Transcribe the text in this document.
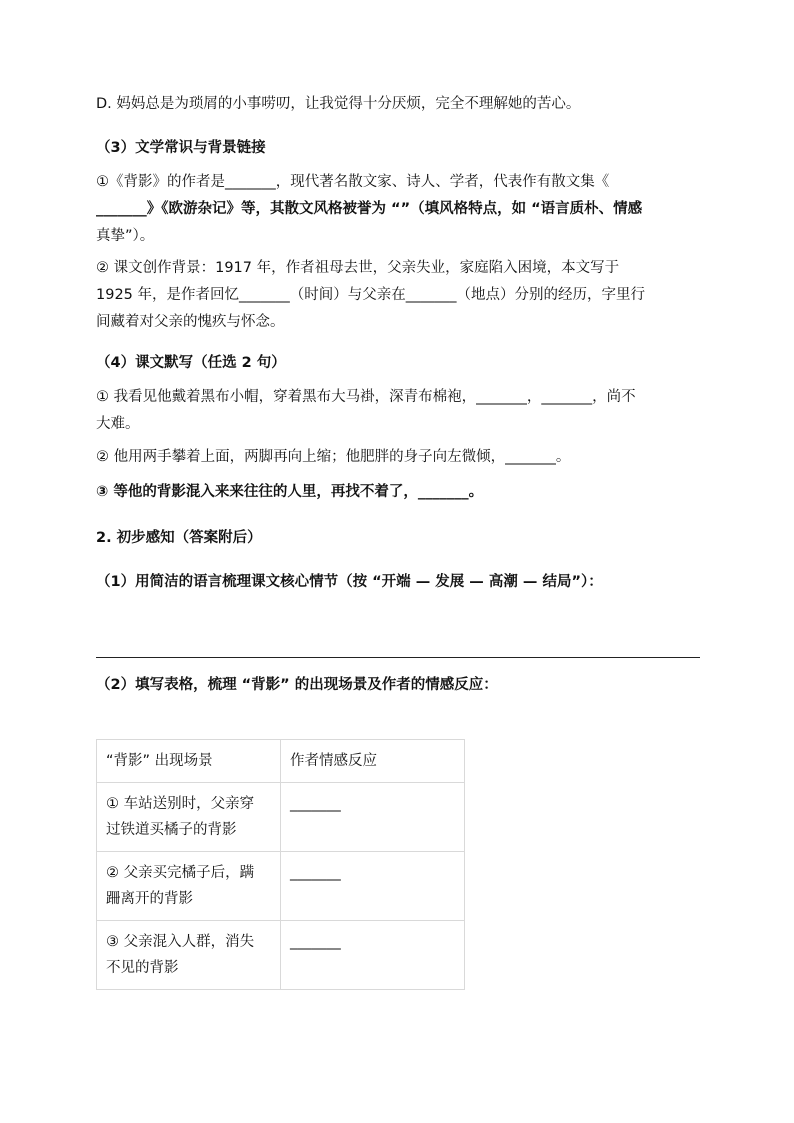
D. 妈妈总是为琐屑的小事唠叨，让我觉得十分厌烦，完全不理解她的苦心。
（3）文学常识与背景链接
①《背影》的作者是_______，现代著名散文家、诗人、学者，代表作有散文集《
_______》《欧游杂记》等，其散文风格被誉为 “”（填风格特点，如 “语言质朴、情感
真挚”）。
② 课文创作背景：1917 年，作者祖母去世，父亲失业，家庭陷入困境，本文写于
1925 年，是作者回忆_______（时间）与父亲在_______（地点）分别的经历，字里行
间藏着对父亲的愧疚与怀念。
（4）课文默写（任选 2 句）
① 我看见他戴着黑布小帽，穿着黑布大马褂，深青布棉袍，_______，_______，尚不
大难。
② 他用两手攀着上面，两脚再向上缩；他肥胖的身子向左微倾，_______。
③ 等他的背影混入来来往往的人里，再找不着了，_______。
2. 初步感知（答案附后）
（1）用简洁的语言梳理课文核心情节（按 “开端 — 发展 — 高潮 — 结局”）：
（2）填写表格，梳理 “背影” 的出现场景及作者的情感反应：
“背影” 出现场景	作者情感反应

① 车站送别时，父亲穿
过铁道买橘子的背影	_______

② 父亲买完橘子后，蹒
跚离开的背影	_______

③ 父亲混入人群，消失
不见的背影	_______
